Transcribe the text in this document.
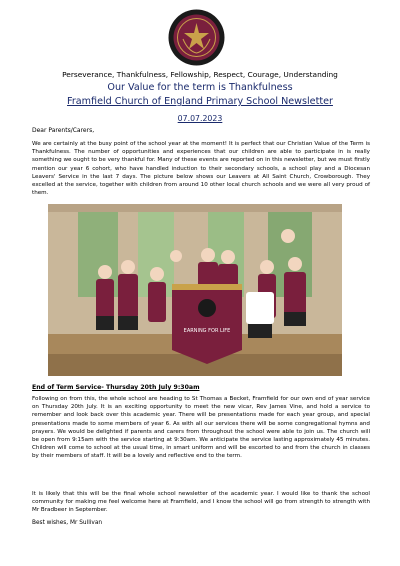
Perseverance, Thankfulness, Fellowship, Respect, Courage, Understanding
Our Value for the term is Thankfulness
Framfield Church of England Primary School Newsletter
07.07.2023
Dear Parents/Carers,
We are certainly at the busy point of the school year at the moment! It is perfect that our Christian Value of the Term is Thankfulness. The number of opportunities and experiences that our children are able to participate in is really something we ought to be very thankful for. Many of these events are reported on in this newsletter, but we must firstly mention our year 6 cohort, who have handled induction to their secondary schools, a school play and a Diocesan Leavers' Service in the last 7 days. The picture below shows our Leavers at All Saint Church, Crowborough. They excelled at the service, together with children from around 10 other local church schools and we were all very proud of them.
EARNING FOR LIFE
End of Term Service- Thursday 20th July 9:30am
Following on from this, the whole school are heading to St Thomas a Becket, Framfield for our own end of year service on Thursday 20th July. It is an exciting opportunity to meet the new vicar, Rev James Vine, and hold a service to remember and look back over this academic year. There will be presentations made for each year group, and special presentations made to some members of year 6. As with all our services there will be some congregational hymns and prayers. We would be delighted if parents and carers from throughout the school were able to join us. The church will be open from 9:15am with the service starting at 9:30am. We anticipate the service lasting approximately 45 minutes. Children will come to school at the usual time, in smart uniform and will be escorted to and from the church in classes by their members of staff. It will be a lovely and reflective end to the term.
It is likely that this will be the final whole school newsletter of the academic year. I would like to thank the school community for making me feel welcome here at Framfield, and I know the school will go from strength to strength with Mr Bradbeer in September.
Best wishes, Mr Sullivan
